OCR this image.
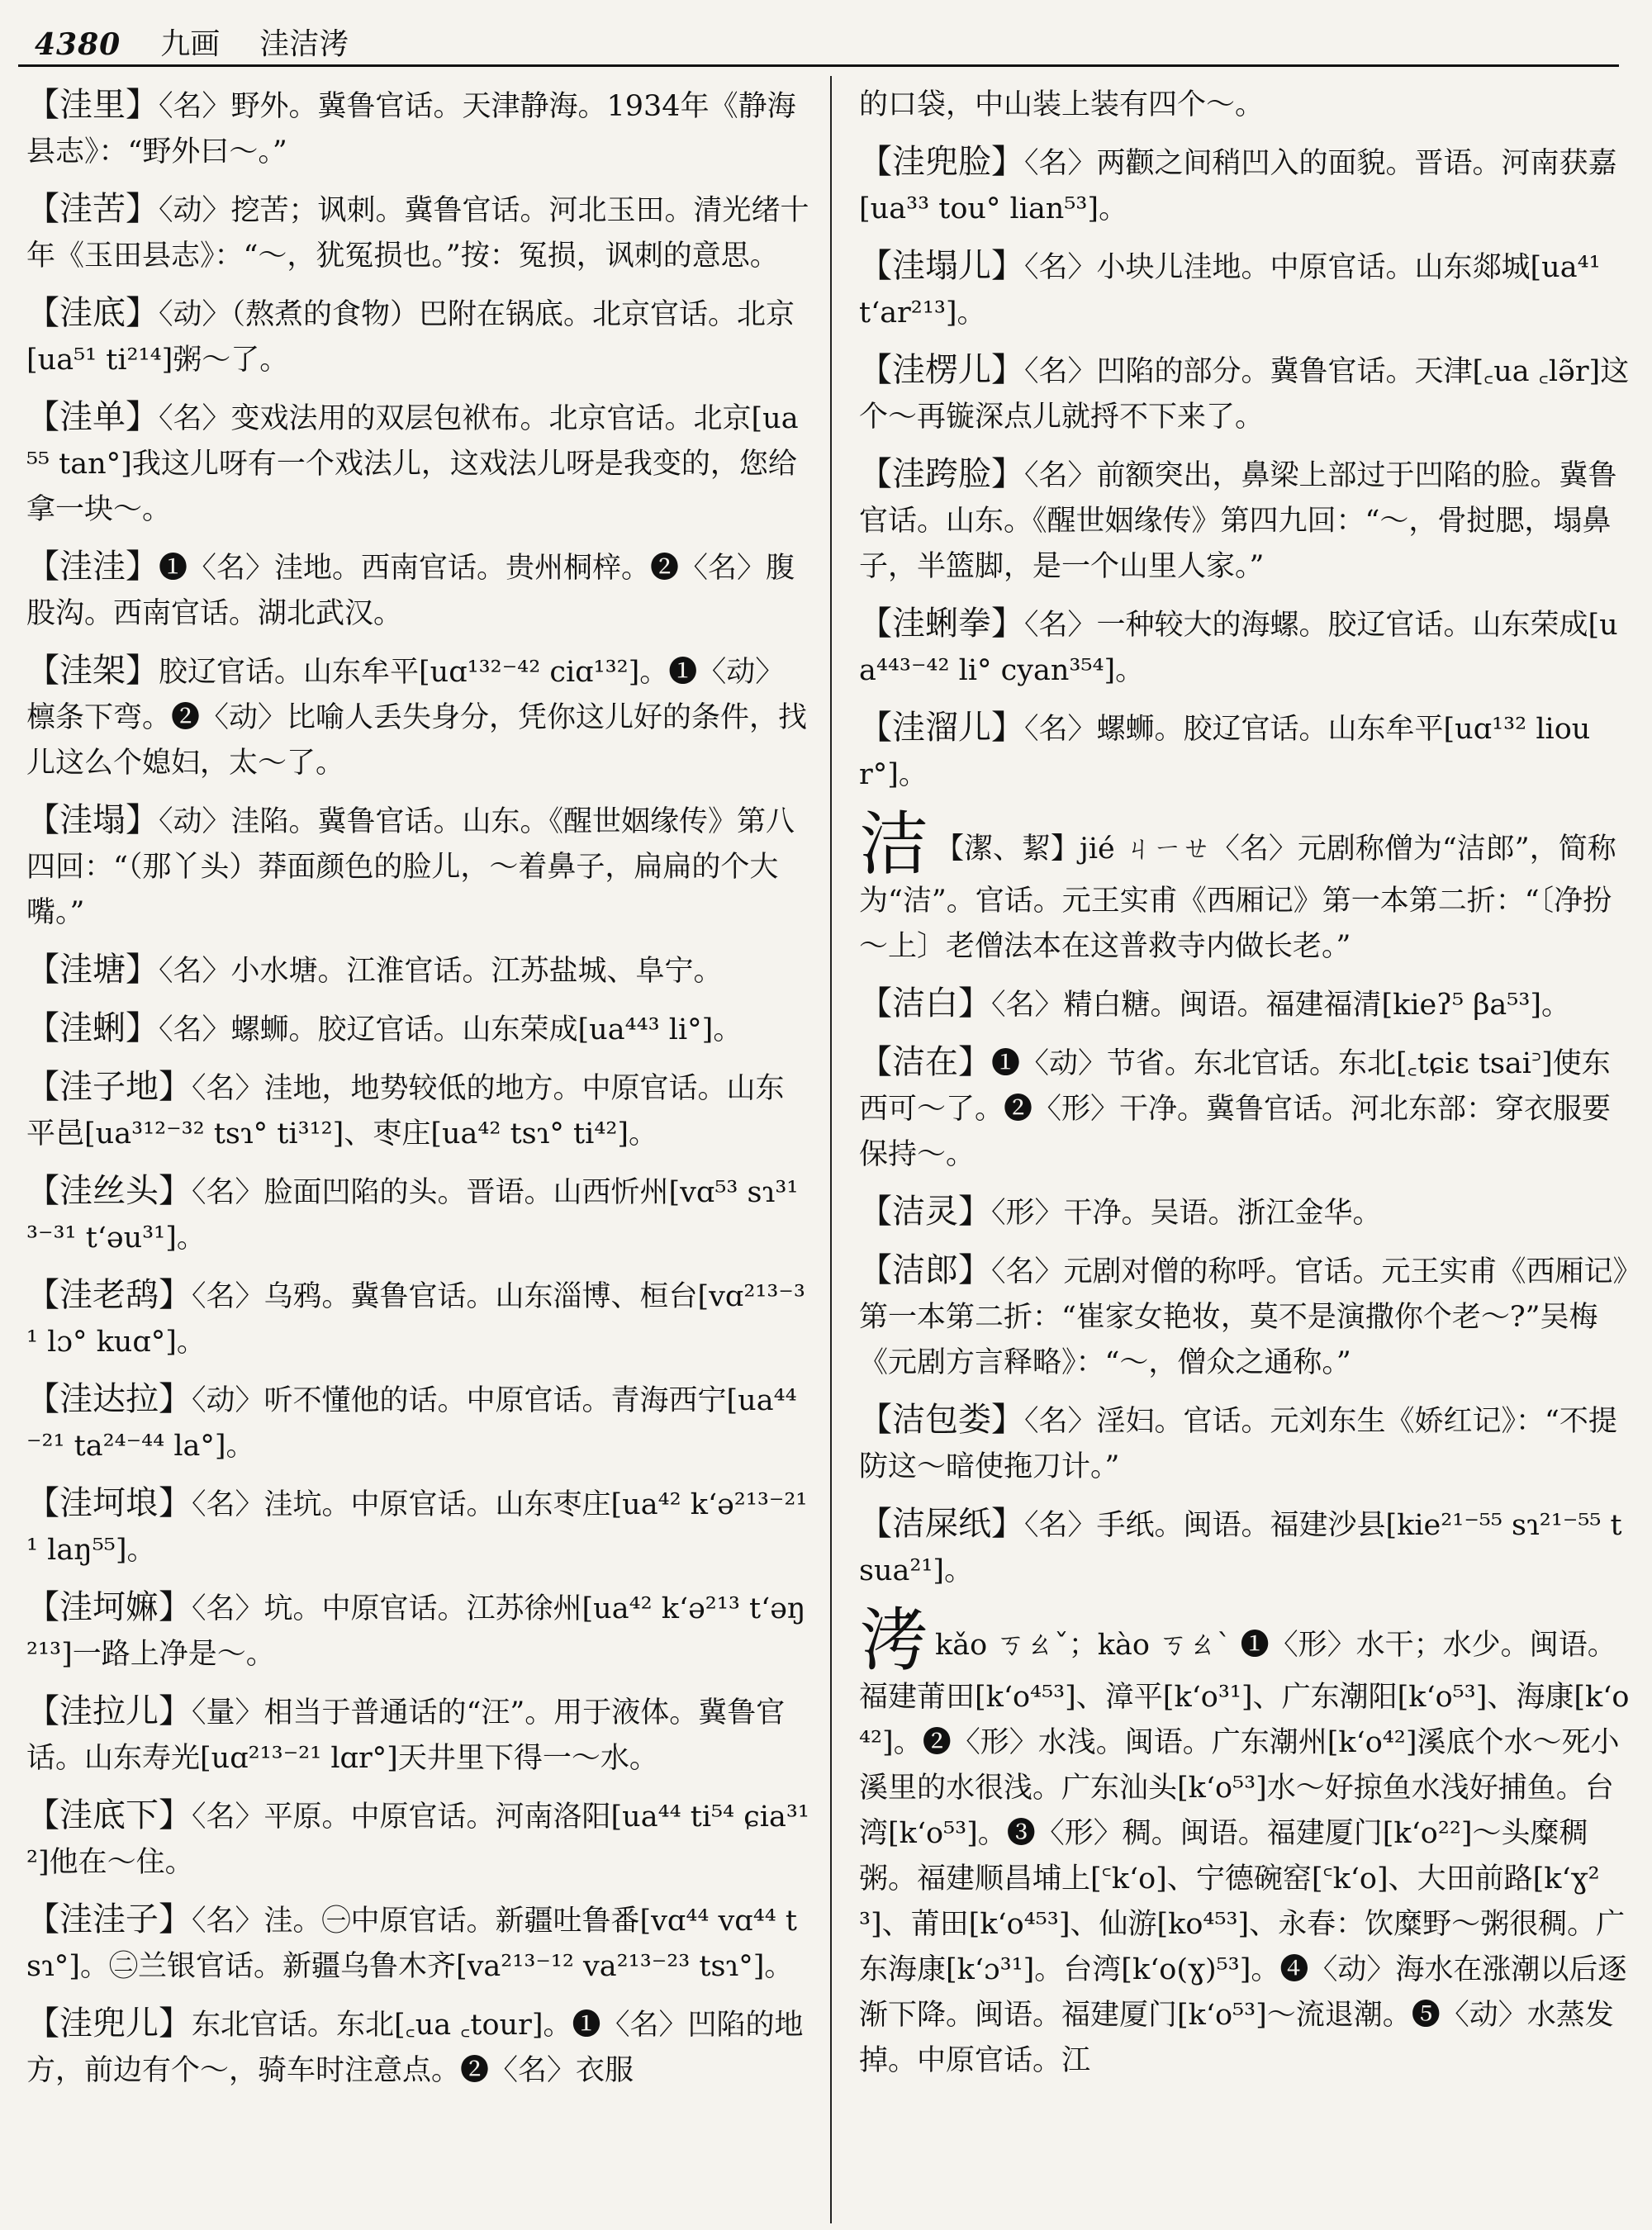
4380 九画 洼洁洘
【洼里】〈名〉野外。冀鲁官话。天津静海。1934年《静海县志》：“野外曰～。”
【洼苦】〈动〉挖苦；讽刺。冀鲁官话。河北玉田。清光绪十年《玉田县志》：“～，犹冤损也。”按：冤损，讽刺的意思。
【洼底】〈动〉（熬煮的食物）巴附在锅底。北京官话。北京[ua⁵¹ ti²¹⁴]粥～了。
【洼单】〈名〉变戏法用的双层包袱布。北京官话。北京[ua⁵⁵ tan°]我这儿呀有一个戏法儿，这戏法儿呀是我变的，您给拿一块～。
【洼洼】❶〈名〉洼地。西南官话。贵州桐梓。❷〈名〉腹股沟。西南官话。湖北武汉。
【洼架】胶辽官话。山东牟平[uɑ¹³²⁻⁴² ciɑ¹³²]。❶〈动〉檩条下弯。❷〈动〉比喻人丢失身分，凭你这儿好的条件，找儿这么个媳妇，太～了。
【洼塌】〈动〉洼陷。冀鲁官话。山东。《醒世姻缘传》第八四回：“（那丫头）莽面颜色的脸儿，～着鼻子，扁扁的个大嘴。”
【洼塘】〈名〉小水塘。江淮官话。江苏盐城、阜宁。
【洼蜊】〈名〉螺蛳。胶辽官话。山东荣成[ua⁴⁴³ li°]。
【洼子地】〈名〉洼地，地势较低的地方。中原官话。山东平邑[ua³¹²⁻³² tsɿ° ti³¹²]、枣庄[ua⁴² tsɿ° ti⁴²]。
【洼丝头】〈名〉脸面凹陷的头。晋语。山西忻州[vɑ⁵³ sɿ³¹³⁻³¹ t‘əu³¹]。
【洼老鸹】〈名〉乌鸦。冀鲁官话。山东淄博、桓台[vɑ²¹³⁻³¹ lɔ° kuɑ°]。
【洼达拉】〈动〉听不懂他的话。中原官话。青海西宁[ua⁴⁴⁻²¹ ta²⁴⁻⁴⁴ la°]。
【洼坷埌】〈名〉洼坑。中原官话。山东枣庄[ua⁴² k‘ə²¹³⁻²¹¹ laŋ⁵⁵]。
【洼坷嫲】〈名〉坑。中原官话。江苏徐州[ua⁴² k‘ə²¹³ t‘əŋ²¹³]一路上净是～。
【洼拉儿】〈量〉相当于普通话的“汪”。用于液体。冀鲁官话。山东寿光[uɑ²¹³⁻²¹ lɑr°]天井里下得一～水。
【洼底下】〈名〉平原。中原官话。河南洛阳[ua⁴⁴ ti⁵⁴ ɕia³¹²]他在～住。
【洼洼子】〈名〉洼。㊀中原官话。新疆吐鲁番[vɑ⁴⁴ vɑ⁴⁴ tsɿ°]。㊁兰银官话。新疆乌鲁木齐[va²¹³⁻¹² va²¹³⁻²³ tsɿ°]。
【洼兜儿】东北官话。东北[꜀ua ꜀tour]。❶〈名〉凹陷的地方，前边有个～，骑车时注意点。❷〈名〉衣服
的口袋，中山装上装有四个～。
【洼兜脸】〈名〉两颧之间稍凹入的面貌。晋语。河南获嘉[ua³³ tou° lian⁵³]。
【洼塌儿】〈名〉小块儿洼地。中原官话。山东郯城[ua⁴¹ t‘ar²¹³]。
【洼楞儿】〈名〉凹陷的部分。冀鲁官话。天津[꜀ua ꜀lə̃r]这个～再镟深点儿就捋不下来了。
【洼跨脸】〈名〉前额突出，鼻梁上部过于凹陷的脸。冀鲁官话。山东。《醒世姻缘传》第四九回：“～，骨挝腮，塌鼻子，半篮脚，是一个山里人家。”
【洼蜊拳】〈名〉一种较大的海螺。胶辽官话。山东荣成[ua⁴⁴³⁻⁴² li° cyan³⁵⁴]。
【洼溜儿】〈名〉螺蛳。胶辽官话。山东牟平[uɑ¹³² liour°]。
洁 【潔、絜】jié ㄐㄧㄝ〈名〉元剧称僧为“洁郎”，简称为“洁”。官话。元王实甫《西厢记》第一本第二折：“〔净扮～上〕老僧法本在这普救寺内做长老。”
【洁白】〈名〉精白糖。闽语。福建福清[kieʔ⁵ βa⁵³]。
【洁在】❶〈动〉节省。东北官话。东北[꜀tɕiɛ tsai꜄]使东西可～了。❷〈形〉干净。冀鲁官话。河北东部：穿衣服要保持～。
【洁灵】〈形〉干净。吴语。浙江金华。
【洁郎】〈名〉元剧对僧的称呼。官话。元王实甫《西厢记》第一本第二折：“崔家女艳妆，莫不是演撒你个老～?”吴梅《元剧方言释略》：“～，僧众之通称。”
【洁包娄】〈名〉淫妇。官话。元刘东生《娇红记》：“不提防这～暗使拖刀计。”
【洁屎纸】〈名〉手纸。闽语。福建沙县[kie²¹⁻⁵⁵ sɿ²¹⁻⁵⁵ tsua²¹]。
洘kǎo ㄎㄠˇ；kào ㄎㄠˋ ❶〈形〉水干；水少。闽语。福建莆田[k‘o⁴⁵³]、漳平[k‘o³¹]、广东潮阳[k‘o⁵³]、海康[k‘o⁴²]。❷〈形〉水浅。闽语。广东潮州[k‘o⁴²]溪底个水～死小溪里的水很浅。广东汕头[k‘o⁵³]水～好掠鱼水浅好捕鱼。台湾[k‘o⁵³]。❸〈形〉稠。闽语。福建厦门[k‘o²²]～头糜稠粥。福建顺昌埔上[꜂k‘o]、宁德碗窑[꜂k‘o]、大田前路[k‘ɣ²³]、莆田[k‘o⁴⁵³]、仙游[ko⁴⁵³]、永春：饮糜野～粥很稠。广东海康[k‘ɔ³¹]。台湾[k‘o(ɣ)⁵³]。❹〈动〉海水在涨潮以后逐渐下降。闽语。福建厦门[k‘o⁵³]～流退潮。❺〈动〉水蒸发掉。中原官话。江
